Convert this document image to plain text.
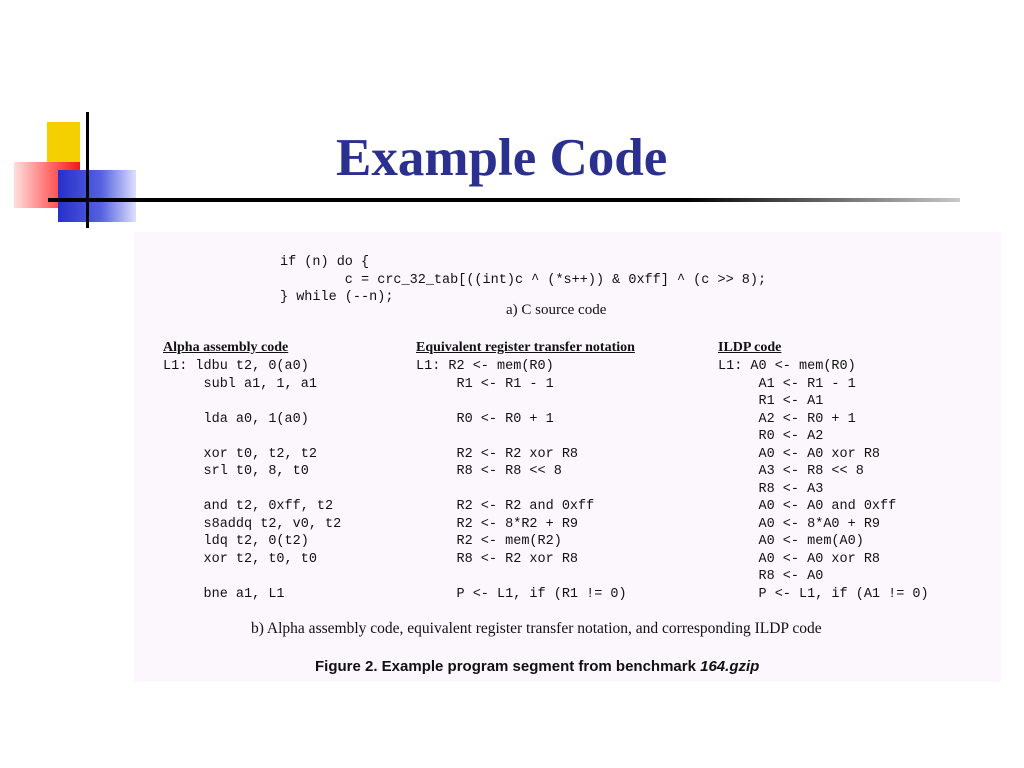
Example Code
if (n) do {
c = crc_32_tab[((int)c ^ (*s++)) & 0xff] ^ (c >> 8);
} while (--n);
a) C source code
Alpha assembly code	Equivalent register transfer notation	ILDP code
L1: ldbu t2, 0(a0)
subl a1, 1, a1

lda a0, 1(a0)

xor t0, t2, t2
srl t0, 8, t0

and t2, 0xff, t2
s8addq t2, v0, t2
ldq t2, 0(t2)
xor t2, t0, t0

bne a1, L1
L1: R2 <- mem(R0)
R1 <- R1 - 1

R0 <- R0 + 1

R2 <- R2 xor R8
R8 <- R8 << 8

R2 <- R2 and 0xff
R2 <- 8*R2 + R9
R2 <- mem(R2)
R8 <- R2 xor R8

P <- L1, if (R1 != 0)
L1: A0 <- mem(R0)
A1 <- R1 - 1
R1 <- A1
A2 <- R0 + 1
R0 <- A2
A0 <- A0 xor R8
A3 <- R8 << 8
R8 <- A3
A0 <- A0 and 0xff
A0 <- 8*A0 + R9
A0 <- mem(A0)
A0 <- A0 xor R8
R8 <- A0
P <- L1, if (A1 != 0)
b) Alpha assembly code, equivalent register transfer notation, and corresponding ILDP code
Figure 2. Example program segment from benchmark 164.gzip
